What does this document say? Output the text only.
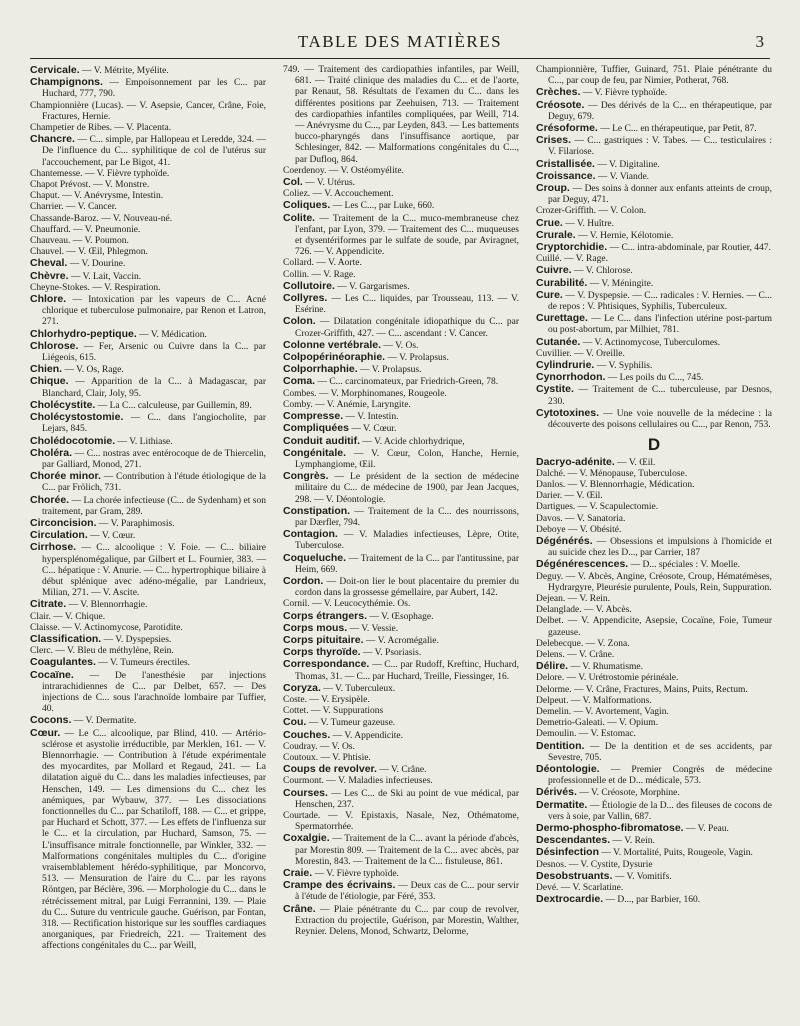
TABLE DES MATIÈRES	3

Cervicale. — V. Métrite, Myélite.

Champignons. — Empoisonnement par les C... par Huchard, 777, 790.

Championnière (Lucas). — V. Asepsie, Cancer, Crâne, Foie, Fractures, Hernie.

Champetier de Ribes. — V. Placenta.

Chancre. — C... simple, par Hallopeau et Leredde, 324. — De l'influence du C... syphilitique de col de l'utérus sur l'accouchement, par Le Bigot, 41.

Chantemesse. — V. Fièvre typhoïde.

Chapot Prévost. — V. Monstre.

Chaput. — V. Anévrysme, Intestin.

Charrier. — V. Cancer.

Chassande-Baroz. — V. Nouveau-né.

Chauffard. — V. Pneumonie.

Chauveau. — V. Poumon.

Chauvel. — V. Œil, Phlegmon.

Cheval. — V. Dourine.

Chèvre. — V. Lait, Vaccin.

Cheyne-Stokes. — V. Respiration.

Chlore. — Intoxication par les vapeurs de C... Acné chlorique et tuberculose pulmonaire, par Renon et Latron, 271.

Chlorhydro-peptique. — V. Médication.

Chlorose. — Fer, Arsenic ou Cuivre dans la C... par Liégeois, 615.

Chien. — V. Os, Rage.

Chique. — Apparition de la C... à Madagascar, par Blanchard, Clair, Joly, 95.

Cholécystite. — La C... calculeuse, par Guillemin, 89.

Cholécystostomie. — C... dans l'angiocholite, par Lejars, 845.

Cholédocotomie. — V. Lithiase.

Choléra. — C... nostras avec entérocoque de de Thiercelin, par Galliard, Monod, 271.

Chorée minor. — Contribution à l'étude étiologique de la C... par Frölich, 731.

Chorée. — La chorée infectieuse (C... de Sydenham) et son traitement, par Gram, 289.

Circoncision. — V. Paraphimosis.

Circulation. — V. Cœur.

Cirrhose. — C... alcoolique : V. Foie. — C... biliaire hypersplénomégalique, par Gilbert et L. Fournier, 383. — C... hépatique : V. Anurie. — C... hypertrophique biliaire à début splénique avec adéno-mégalie, par Landrieux, Milian, 271. — V. Ascite.

Citrate. — V. Blennorrhagie.

Clair. — V. Chique.

Claisse. — V. Actinomycose, Parotidite.

Classification. — V. Dyspepsies.

Clerc. — V. Bleu de méthylène, Rein.

Coagulantes. — V. Tumeurs érectiles.

Cocaïne. — De l'anesthésie par injections intrarachidiennes de C... par Delbet, 657. — Des injections de C... sous l'arachnoïde lombaire par Tuffier, 40.

Cocons. — V. Dermatite.

Cœur. — Le C... alcoolique, par Blind, 410. — Artério-sclérose et asystolie irréductible, par Merklen, 161. — V. Blennorrhagie. — Contribution à l'étude expérimentale des myocardites, par Mollard et Regaud, 241. — La dilatation aiguë du C... dans les maladies infectieuses, par Henschen, 149. — Les dimensions du C... chez les anémiques, par Wybauw, 377. — Les dissociations fonctionnelles du C... par Schatiloff, 188. — C... et grippe, par Huchard et Schott, 377. — Les effets de l'influenza sur le C... et la circulation, par Huchard, Samson, 75. — L'insuffisance mitrale fonctionnelle, par Winkler, 332. — Malformations congénitales multiples du C... d'origine vraisemblablement hérédo-syphilitique, par Moncorvo, 513. — Mensuration de l'aire du C... par les rayons Röntgen, par Béclère, 396. — Morphologie du C... dans le rétrécissement mitral, par Luigi Ferrannini, 139. — Plaie du C... Suture du ventricule gauche. Guérison, par Fontan, 318. — Rectification historique sur les souffles cardiaques anorganiques, par Friedreich, 221. — Traitement des affections congénitales du C... par Weill,

749. — Traitement des cardiopathies infantiles, par Weill, 681. — Traité clinique des maladies du C... et de l'aorte, par Renaut, 58. Résultats de l'examen du C... dans les différentes positions par Zeehuisen, 713. — Traitement des cardiopathies infantiles compliquées, par Weill, 714. — Anévrysme du C..., par Leyden, 843. — Les battements bucco-pharyngés dans l'insuffisance aortique, par Schlesinger, 842. — Malformations congénitales du C..., par Dufloq, 864.

Coerdenoy. — V. Ostéomyélite.

Col. — V. Utérus.

Coliez. — V. Accouchement.

Coliques. — Les C..., par Luke, 660.

Colite. — Traitement de la C... muco-membraneuse chez l'enfant, par Lyon, 379. — Traitement des C... muqueuses et dysentériformes par le sulfate de soude, par Aviragnet, 726. — V. Appendicite.

Collard. — V. Aorte.

Collin. — V. Rage.

Collutoire. — V. Gargarismes.

Collyres. — Les C... liquides, par Trousseau, 113. — V. Esérine.

Colon. — Dilatation congénitale idiopathique du C... par Crozer-Griffith, 427. — C... ascendant : V. Cancer.

Colonne vertébrale. — V. Os.

Colpopérinéoraphie. — V. Prolapsus.

Colporrhaphie. — V. Prolapsus.

Coma. — C... carcinomateux, par Friedrich-Green, 78.

Combes. — V. Morphinomanes, Rougeole.

Comby. — V. Anémie, Laryngite.

Compresse. — V. Intestin.

Compliquées — V. Cœur.

Conduit auditif. — V. Acide chlorhydrique,

Congénitale. — V. Cœur, Colon, Hanche, Hernie, Lymphangiome, Œil.

Congrès. — Le président de la section de médecine militaire du C... de médecine de 1900, par Jean Jacques, 298. — V. Déontologie.

Constipation. — Traitement de la C... des nourrissons, par Dærfler, 794.

Contagion. — V. Maladies infectieuses, Lèpre, Otite, Tuberculose.

Coqueluche. — Traitement de la C... par l'antitussine, par Heim, 669.

Cordon. — Doit-on lier le bout placentaire du premier du cordon dans la grossesse gémellaire, par Aubert, 142.

Cornil. — V. Leucocythémie. Os.

Corps étrangers. — V. Œsophage.

Corps mous. — V. Vessie.

Corps pituitaire. — V. Acromégalie.

Corps thyroïde. — V. Psoriasis.

Correspondance. — C... par Rudoff, Kreftinc, Huchard, Thomas, 31. — C... par Huchard, Treille, Fiessinger, 16.

Coryza. — V. Tuberculeux.

Coste. — V. Erysipèle.

Cottet. — V. Suppurations

Cou. — V. Tumeur gazeuse.

Couches. — V. Appendicite.

Coudray. — V. Os.

Coutoux. — V. Phtisie.

Coups de revolver. — V. Crâne.

Courmont. — V. Maladies infectieuses.

Courses. — Les C... de Ski au point de vue médical, par Henschen, 237.

Courtade. — V. Epistaxis, Nasale, Nez, Othématome, Spermatorrhée.

Coxalgie. — Traitement de la C... avant la période d'abcès, par Morestin 809. — Traitement de la C... avec abcès, par Morestin, 843. — Traitement de la C... fistuleuse, 861.

Craie. — V. Fièvre typhoïde.

Crampe des écrivains. — Deux cas de C... pour servir à l'étude de l'étiologie, par Féré, 353.

Crâne. — Plaie pénétrante du C... par coup de revolver, Extraction du projectile, Guérison, par Morestin, Walther, Reynier. Delens, Monod, Schwartz, Delorme,

Championnière, Tuffier, Guinard, 751. Plaie pénétrante du C..., par coup de feu, par Nimier, Potherat, 768.

Crèches. — V. Fièvre typhoïde.

Créosote. — Des dérivés de la C... en thérapeutique, par Deguy, 679.

Crésoforme. — Le C... en thérapeutique, par Petit, 87.

Crises. — C... gastriques : V. Tabes. — C... testiculaires : V. Filariose.

Cristallisée. — V. Digitaline.

Croissance. — V. Viande.

Croup. — Des soins à donner aux enfants atteints de croup, par Deguy, 471.

Crozer-Griffith. — V. Colon.

Crue. — V. Huître.

Crurale. — V. Hernie, Kélotomie.

Cryptorchidie. — C... intra-abdominale, par Routier, 447.

Cuillé. — V. Rage.

Cuivre. — V. Chlorose.

Curabilité. — V. Méningite.

Cure. — V. Dyspepsie. — C... radicales : V. Hernies. — C... de repos : V. Phtisiques, Syphilis, Tuberculeux.

Curettage. — Le C... dans l'infection utérine post-partum ou post-abortum, par Milhiet, 781.

Cutanée. — V. Actinomycose, Tuberculomes.

Cuvillier. — V. Oreille.

Cylindrurie. — V. Syphilis.

Cynorrhodon. — Les poils du C..., 745.

Cystite. — Traitement de C... tuberculeuse, par Desnos, 230.

Cytotoxines. — Une voie nouvelle de la médecine : la découverte des poisons cellulaires ou C..., par Renon, 753.

D

Dacryo-adénite. — V. Œil.

Dalché. — V. Ménopause, Tuberculose.

Danlos. — V. Blennorrhagie, Médication.

Darier. — V. Œil.

Dartigues. — V. Scapulectomie.

Davos. — V. Sanatoria.

Deboye — V. Obésité.

Dégénérés. — Obsessions et impulsions à l'homicide et au suicide chez les D..., par Carrier, 187

Dégénérescences. — D... spéciales : V. Moelle.

Deguy. — V. Abcès, Angine, Créosote, Croup, Hématémèses, Hydrargyre, Pleurésie purulente, Pouls, Rein, Suppuration.

Dejean. — V. Rein.

Delanglade. — V. Abcès.

Delbet. — V. Appendicite, Asepsie, Cocaïne, Foie, Tumeur gazeuse.

Delebecque. — V. Zona.

Delens. — V. Crâne.

Délire. — V. Rhumatisme.

Delore. — V. Urétrostomie périnéale.

Delorme. — V. Crâne, Fractures, Mains, Puits, Rectum.

Delpeut. — V. Malformations.

Demelin. — V. Avortement, Vagin.

Demetrio-Galeati. — V. Opium.

Demoulin. — V. Estomac.

Dentition. — De la dentition et de ses accidents, par Sevestre, 705.

Déontologie. — Premier Congrès de médecine professionnelle et de D... médicale, 573.

Dérivés. — V. Créosote, Morphine.

Dermatite. — Étiologie de la D... des fileuses de cocons de vers à soie, par Vallin, 687.

Dermo-phospho-fibromatose. — V. Peau.

Descendantes. — V. Rein.

Désinfection — V. Mortalité, Puits, Rougeole, Vagin.

Desnos. — V. Cystite, Dysurie

Desobstruants. — V. Vomitifs.

Devé. — V. Scarlatine.

Dextrocardie. — D..., par Barbier, 160.
